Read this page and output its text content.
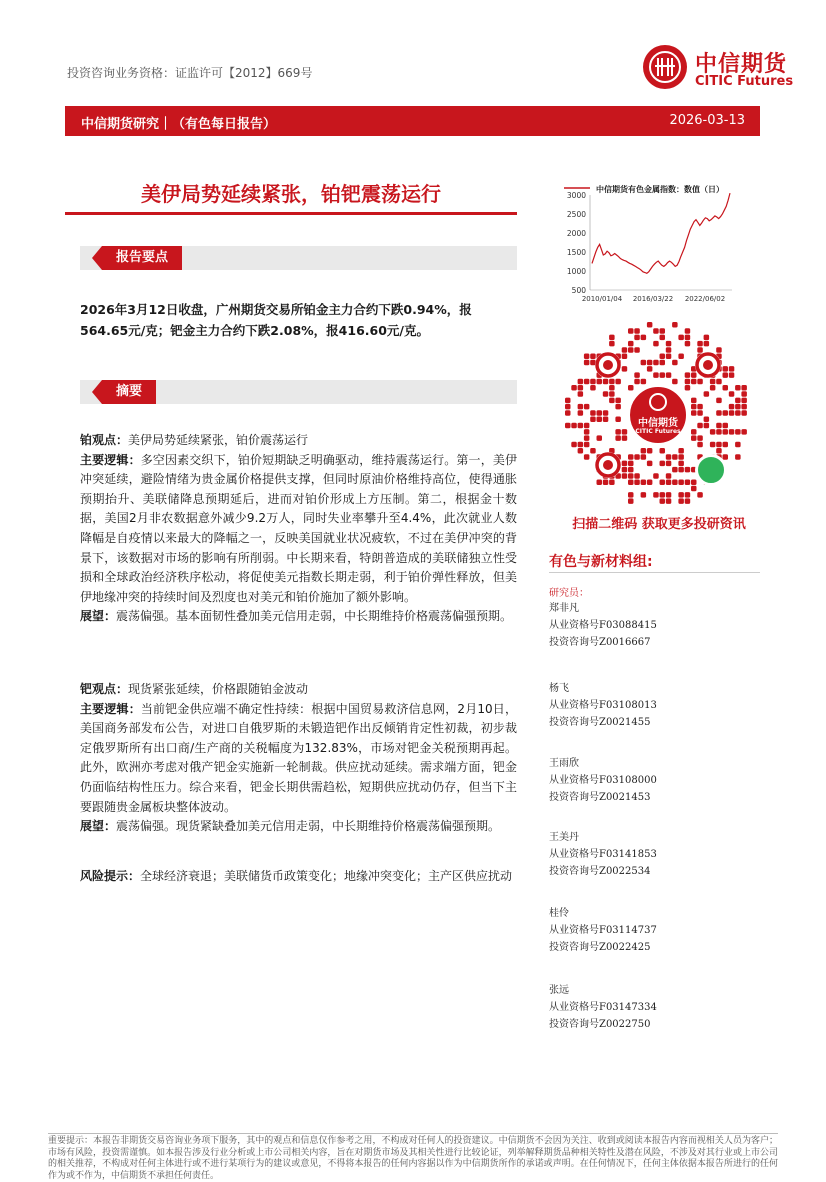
投资咨询业务资格：证监许可【2012】669号	中信期货
CITIC Futures
中信期货研究｜（有色每日报告）	2026-03-13
美伊局势延续紧张，铂钯震荡运行
报告要点
2026年3月12日收盘，广州期货交易所铂金主力合约下跌0.94%，报564.65元/克；钯金主力合约下跌2.08%，报416.60元/克。
摘要
铂观点：美伊局势延续紧张，铂价震荡运行
主要逻辑：多空因素交织下，铂价短期缺乏明确驱动，维持震荡运行。第一，美伊冲突延续，避险情绪为贵金属价格提供支撑，但同时原油价格维持高位，使得通胀预期抬升、美联储降息预期延后，进而对铂价形成上方压制。第二，根据金十数据，美国2月非农数据意外减少9.2万人，同时失业率攀升至4.4%，此次就业人数降幅是自疫情以来最大的降幅之一，反映美国就业状况疲软，不过在美伊冲突的背景下，该数据对市场的影响有所削弱。中长期来看，特朗普造成的美联储独立性受损和全球政治经济秩序松动，将促使美元指数长期走弱，利于铂价弹性释放，但美伊地缘冲突的持续时间及烈度也对美元和铂价施加了额外影响。
展望：震荡偏强。基本面韧性叠加美元信用走弱，中长期维持价格震荡偏强预期。
钯观点：现货紧张延续，价格跟随铂金波动
主要逻辑：当前钯金供应端不确定性持续：根据中国贸易救济信息网，2月10日，美国商务部发布公告，对进口自俄罗斯的未锻造钯作出反倾销肯定性初裁，初步裁定俄罗斯所有出口商/生产商的关税幅度为132.83%，市场对钯金关税预期再起。此外，欧洲亦考虑对俄产钯金实施新一轮制裁。供应扰动延续。需求端方面，钯金仍面临结构性压力。综合来看，钯金长期供需趋松，短期供应扰动仍存，但当下主要跟随贵金属板块整体波动。
展望：震荡偏强。现货紧缺叠加美元信用走弱，中长期维持价格震荡偏强预期。
风险提示：全球经济衰退；美联储货币政策变化；地缘冲突变化；主产区供应扰动
中信期货有色金属指数：数值（日）
500
1000
1500
2000
2500
3000
2010/01/04 2016/03/22 2022/06/02
中信期货
CITIC Futures
扫描二维码 获取更多投研资讯
有色与新材料组:
研究员：
郑非凡
从业资格号F03088415
投资咨询号Z0016667
杨飞
从业资格号F03108013
投资咨询号Z0021455
王雨欣
从业资格号F03108000
投资咨询号Z0021453
王美丹
从业资格号F03141853
投资咨询号Z0022534
桂伶
从业资格号F03114737
投资咨询号Z0022425
张远
从业资格号F03147334
投资咨询号Z0022750
重要提示：本报告非期货交易咨询业务项下服务，其中的观点和信息仅作参考之用，不构成对任何人的投资建议。中信期货不会因为关注、收到或阅读本报告内容而视相关人员为客户；市场有风险，投资需谨慎。如本报告涉及行业分析或上市公司相关内容，旨在对期货市场及其相关性进行比较论证，列举解释期货品种相关特性及潜在风险，不涉及对其行业或上市公司的相关推荐，不构成对任何主体进行或不进行某项行为的建议或意见，不得将本报告的任何内容据以作为中信期货所作的承诺或声明。在任何情况下，任何主体依据本报告所进行的任何作为或不作为，中信期货不承担任何责任。
